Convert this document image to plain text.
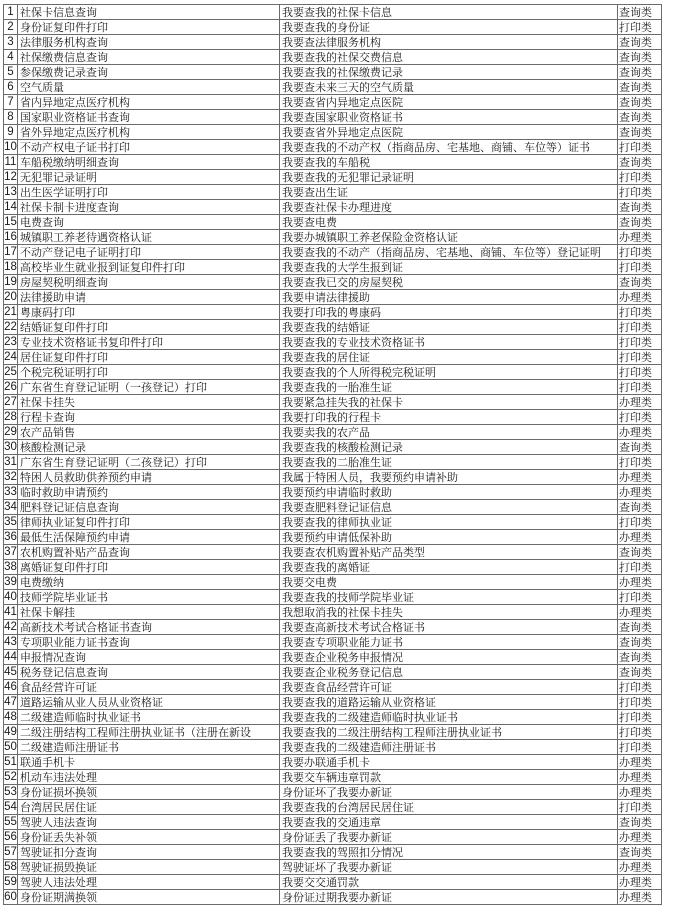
1	社保卡信息查询	我要查我的社保卡信息	查询类
2	身份证复印件打印	我要查我的身份证	打印类
3	法律服务机构查询	我要查法律服务机构	查询类
4	社保缴费信息查询	我要查我的社保交费信息	查询类
5	参保缴费记录查询	我要查我的社保缴费记录	查询类
6	空气质量	我要查未来三天的空气质量	查询类
7	省内异地定点医疗机构	我要查省内异地定点医院	查询类
8	国家职业资格证书查询	我要查国家职业资格证书	查询类
9	省外异地定点医疗机构	我要查省外异地定点医院	查询类
10	不动产权电子证书打印	我要查我的不动产权（指商品房、宅基地、商铺、车位等）证书	打印类
11	车船税缴纳明细查询	我要查我的车船税	查询类
12	无犯罪记录证明	我要查我的无犯罪记录证明	打印类
13	出生医学证明打印	我要查出生证	打印类
14	社保卡制卡进度查询	我要查社保卡办理进度	查询类
15	电费查询	我要查电费	查询类
16	城镇职工养老待遇资格认证	我要办城镇职工养老保险金资格认证	办理类
17	不动产登记电子证明打印	我要查我的不动产（指商品房、宅基地、商铺、车位等）登记证明	打印类
18	高校毕业生就业报到证复印件打印	我要查我的大学生报到证	打印类
19	房屋契税明细查询	我要查我已交的房屋契税	查询类
20	法律援助申请	我要申请法律援助	办理类
21	粤康码打印	我要打印我的粤康码	打印类
22	结婚证复印件打印	我要查我的结婚证	打印类
23	专业技术资格证书复印件打印	我要查我的专业技术资格证书	打印类
24	居住证复印件打印	我要查我的居住证	打印类
25	个税完税证明打印	我要查我的个人所得税完税证明	打印类
26	广东省生育登记证明（一孩登记）打印	我要查我的一胎准生证	打印类
27	社保卡挂失	我要紧急挂失我的社保卡	办理类
28	行程卡查询	我要打印我的行程卡	打印类
29	农产品销售	我要卖我的农产品	办理类
30	核酸检测记录	我要查我的核酸检测记录	查询类
31	广东省生育登记证明（二孩登记）打印	我要查我的二胎准生证	打印类
32	特困人员救助供养预约申请	我属于特困人员，我要预约申请补助	办理类
33	临时救助申请预约	我要预约申请临时救助	办理类
34	肥料登记证信息查询	我要查肥料登记证信息	查询类
35	律师执业证复印件打印	我要查我的律师执业证	打印类
36	最低生活保障预约申请	我要预约申请低保补助	办理类
37	农机购置补贴产品查询	我要查农机购置补贴产品类型	查询类
38	离婚证复印件打印	我要查我的离婚证	打印类
39	电费缴纳	我要交电费	办理类
40	技师学院毕业证书	我要查我的技师学院毕业证	打印类
41	社保卡解挂	我想取消我的社保卡挂失	办理类
42	高新技术考试合格证书查询	我要查高新技术考试合格证书	查询类
43	专项职业能力证书查询	我要查专项职业能力证书	查询类
44	申报情况查询	我要查企业税务申报情况	查询类
45	税务登记信息查询	我要查企业税务登记信息	查询类
46	食品经营许可证	我要查食品经营许可证	打印类
47	道路运输从业人员从业资格证	我要查我的道路运输从业资格证	打印类
48	二级建造师临时执业证书	我要查我的二级建造师临时执业证书	打印类
49	二级注册结构工程师注册执业证书（注册在新设	我要查我的二级注册结构工程师注册执业证书	打印类
50	二级建造师注册证书	我要查我的二级建造师注册证书	打印类
51	联通手机卡	我要办联通手机卡	办理类
52	机动车违法处理	我要交车辆违章罚款	办理类
53	身份证损坏换领	身份证坏了我要办新证	办理类
54	台湾居民居住证	我要查我的台湾居民居住证	打印类
55	驾驶人违法查询	我要查我的交通违章	查询类
56	身份证丢失补领	身份证丢了我要办新证	办理类
57	驾驶证扣分查询	我要查我的驾照扣分情况	查询类
58	驾驶证损毁换证	驾驶证坏了我要办新证	办理类
59	驾驶人违法处理	我要交交通罚款	办理类
60	身份证期满换领	身份证过期我要办新证	办理类
